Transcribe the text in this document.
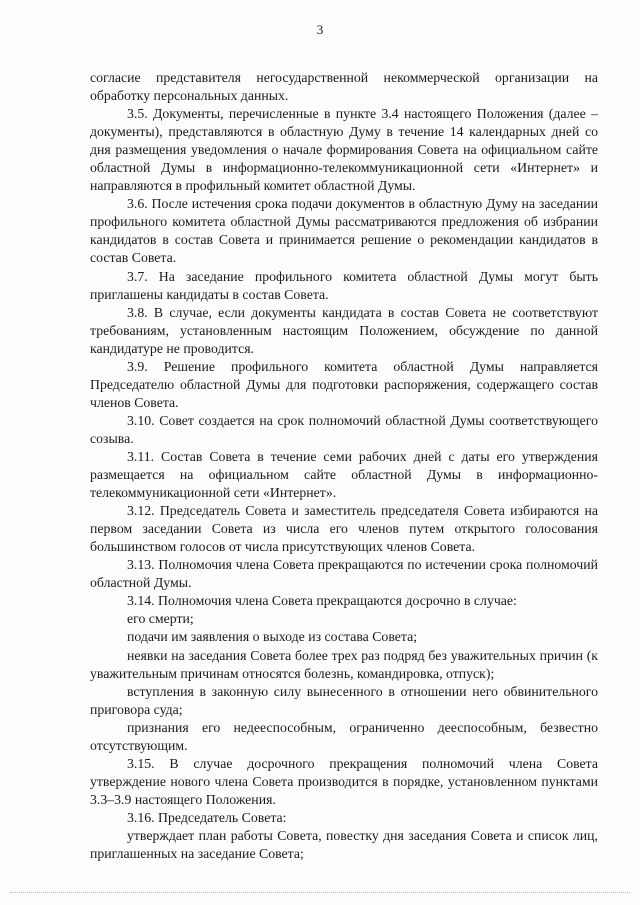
3

согласие представителя негосударственной некоммерческой организации на обработку персональных данных.

3.5. Документы, перечисленные в пункте 3.4 настоящего Положения (далее – документы), представляются в областную Думу в течение 14 календарных дней со дня размещения уведомления о начале формирования Совета на официальном сайте областной Думы в информационно-телекоммуникационной сети «Интернет» и направляются в профильный комитет областной Думы.

3.6. После истечения срока подачи документов в областную Думу на заседании профильного комитета областной Думы рассматриваются предложения об избрании кандидатов в состав Совета и принимается решение о рекомендации кандидатов в состав Совета.

3.7. На заседание профильного комитета областной Думы могут быть приглашены кандидаты в состав Совета.

3.8. В случае, если документы кандидата в состав Совета не соответствуют требованиям, установленным настоящим Положением, обсуждение по данной кандидатуре не проводится.

3.9. Решение профильного комитета областной Думы направляется Председателю областной Думы для подготовки распоряжения, содержащего состав членов Совета.

3.10. Совет создается на срок полномочий областной Думы соответствующего созыва.

3.11. Состав Совета в течение семи рабочих дней с даты его утверждения размещается на официальном сайте областной Думы в информационно-телекоммуникационной сети «Интернет».

3.12. Председатель Совета и заместитель председателя Совета избираются на первом заседании Совета из числа его членов путем открытого голосования большинством голосов от числа присутствующих членов Совета.

3.13. Полномочия члена Совета прекращаются по истечении срока полномочий областной Думы.

3.14. Полномочия члена Совета прекращаются досрочно в случае:

его смерти;

подачи им заявления о выходе из состава Совета;

неявки на заседания Совета более трех раз подряд без уважительных причин (к уважительным причинам относятся болезнь, командировка, отпуск);

вступления в законную силу вынесенного в отношении него обвинительного приговора суда;

признания его недееспособным, ограниченно дееспособным, безвестно отсутствующим.

3.15. В случае досрочного прекращения полномочий члена Совета утверждение нового члена Совета производится в порядке, установленном пунктами 3.3–3.9 настоящего Положения.

3.16. Председатель Совета:

утверждает план работы Совета, повестку дня заседания Совета и список лиц, приглашенных на заседание Совета;
